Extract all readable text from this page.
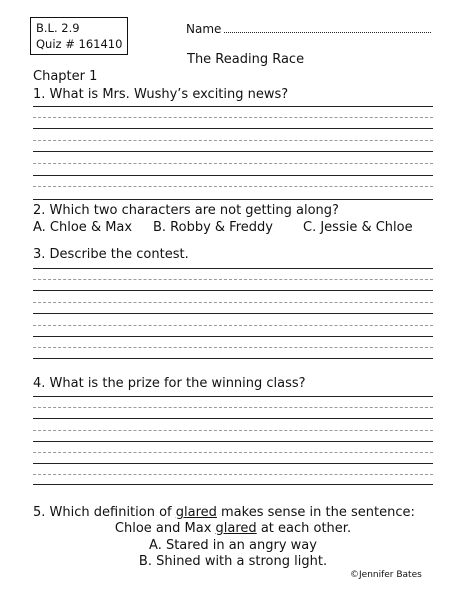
B.L. 2.9
Quiz # 161410
Name
The Reading Race
Chapter 1
1. What is Mrs. Wushy’s exciting news?
2. Which two characters are not getting along?
A. Chloe & Max B. Robby & Freddy C. Jessie & Chloe
3. Describe the contest.
4. What is the prize for the winning class?
5. Which definition of glared makes sense in the sentence:
Chloe and Max glared at each other.
A. Stared in an angry way
B. Shined with a strong light.
©Jennifer Bates
